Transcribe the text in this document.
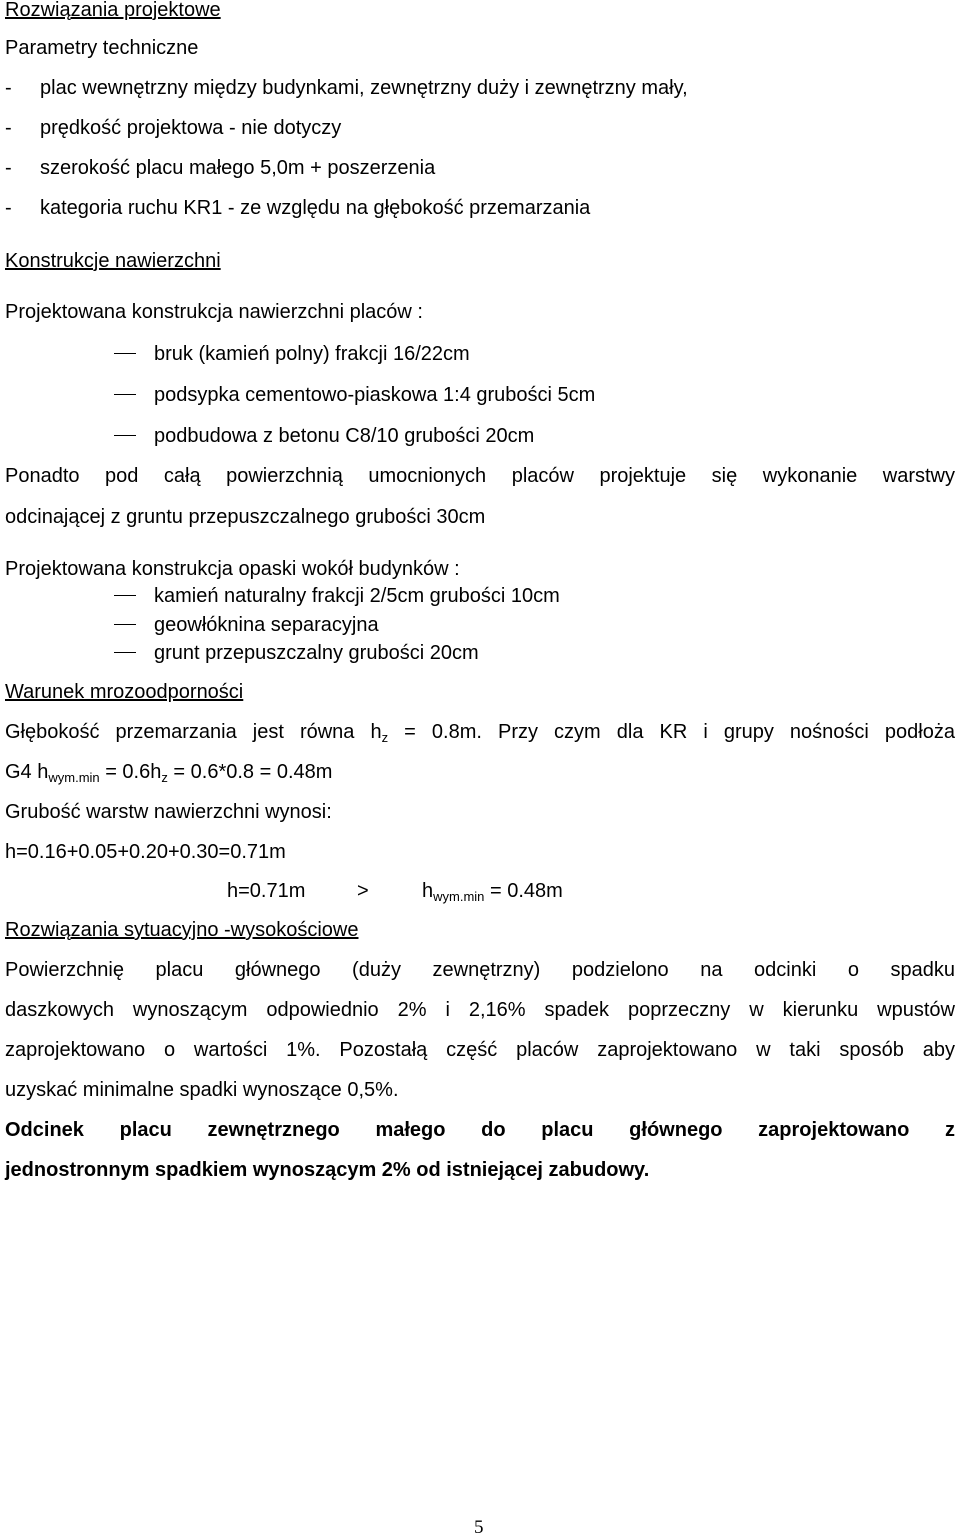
Rozwiązania projektowe
Parametry techniczne
- plac wewnętrzny między budynkami, zewnętrzny duży i zewnętrzny mały,
- prędkość projektowa - nie dotyczy
- szerokość placu małego 5,0m + poszerzenia
- kategoria ruchu KR1 - ze względu na głębokość przemarzania
Konstrukcje nawierzchni
Projektowana konstrukcja nawierzchni placów :
bruk (kamień polny) frakcji 16/22cm
podsypka cementowo-piaskowa 1:4 grubości 5cm
podbudowa z betonu C8/10 grubości 20cm
Ponadto pod całą powierzchnią umocnionych placów projektuje się wykonanie warstwy
odcinającej z gruntu przepuszczalnego grubości 30cm
Projektowana konstrukcja opaski wokół budynków :
kamień naturalny frakcji 2/5cm grubości 10cm
geowłóknina separacyjna
grunt przepuszczalny grubości 20cm
Warunek mrozoodporności
Głębokość przemarzania jest równa $h_z = 0.8m$. Przy czym dla KR i grupy nośności podłoża
G4 $h_{wym.min} = 0.6h_z = 0.6*0.8 = 0.48m$
Grubość warstw nawierzchni wynosi:
h=0.16+0.05+0.20+0.30=0.71m
h=0.71m	>	$h_{wym.min} = 0.48m$
Rozwiązania sytuacyjno -wysokościowe
Powierzchnię placu głównego (duży zewnętrzny) podzielono na odcinki o spadku
daszkowych wynoszącym odpowiednio 2% i 2,16% spadek poprzeczny w kierunku wpustów
zaprojektowano o wartości 1%. Pozostałą część placów zaprojektowano w taki sposób aby
uzyskać minimalne spadki wynoszące 0,5%.
Odcinek placu zewnętrznego małego do placu głównego zaprojektowano z
jednostronnym spadkiem wynoszącym 2% od istniejącej zabudowy.
5
